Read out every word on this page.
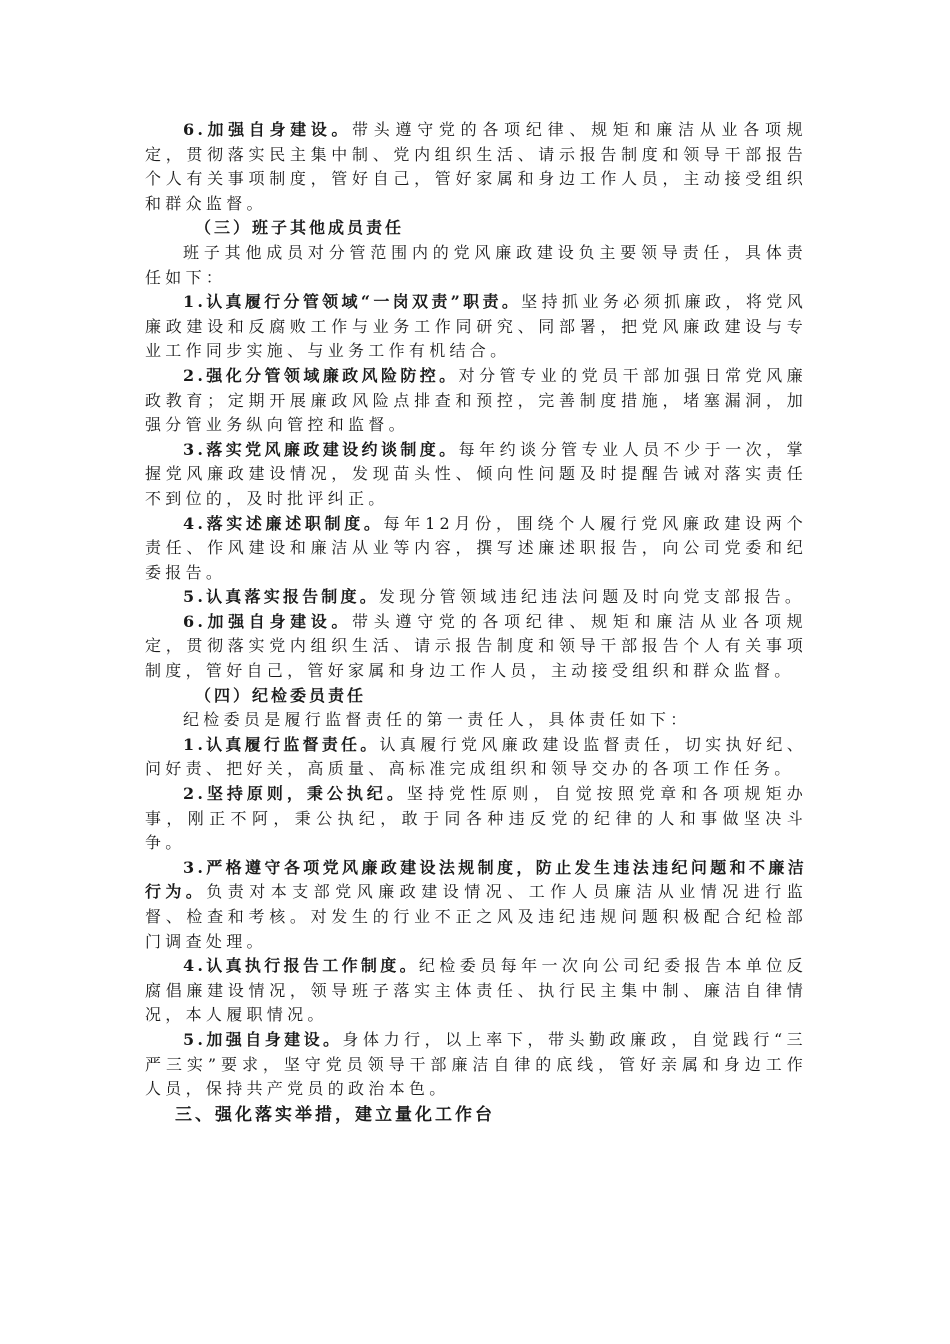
6.加强自身建设。带头遵守党的各项纪律、规矩和廉洁从业各项规定，贯彻落实民主集中制、党内组织生活、请示报告制度和领导干部报告个人有关事项制度，管好自己，管好家属和身边工作人员，主动接受组织和群众监督。

（三）班子其他成员责任

班子其他成员对分管范围内的党风廉政建设负主要领导责任，具体责任如下：

1.认真履行分管领域“一岗双责”职责。坚持抓业务必须抓廉政，将党风廉政建设和反腐败工作与业务工作同研究、同部署，把党风廉政建设与专业工作同步实施、与业务工作有机结合。

2.强化分管领域廉政风险防控。对分管专业的党员干部加强日常党风廉政教育；定期开展廉政风险点排查和预控，完善制度措施，堵塞漏洞，加强分管业务纵向管控和监督。

3.落实党风廉政建设约谈制度。每年约谈分管专业人员不少于一次，掌握党风廉政建设情况，发现苗头性、倾向性问题及时提醒告诫对落实责任不到位的，及时批评纠正。

4.落实述廉述职制度。每年12月份，围绕个人履行党风廉政建设两个责任、作风建设和廉洁从业等内容，撰写述廉述职报告，向公司党委和纪委报告。

5.认真落实报告制度。发现分管领域违纪违法问题及时向党支部报告。

6.加强自身建设。带头遵守党的各项纪律、规矩和廉洁从业各项规定，贯彻落实党内组织生活、请示报告制度和领导干部报告个人有关事项制度，管好自己，管好家属和身边工作人员，主动接受组织和群众监督。

（四）纪检委员责任

纪检委员是履行监督责任的第一责任人，具体责任如下：

1.认真履行监督责任。认真履行党风廉政建设监督责任，切实执好纪、问好责、把好关，高质量、高标准完成组织和领导交办的各项工作任务。

2.坚持原则，秉公执纪。坚持党性原则，自觉按照党章和各项规矩办事，刚正不阿，秉公执纪，敢于同各种违反党的纪律的人和事做坚决斗争。

3.严格遵守各项党风廉政建设法规制度，防止发生违法违纪问题和不廉洁行为。负责对本支部党风廉政建设情况、工作人员廉洁从业情况进行监督、检查和考核。对发生的行业不正之风及违纪违规问题积极配合纪检部门调查处理。

4.认真执行报告工作制度。纪检委员每年一次向公司纪委报告本单位反腐倡廉建设情况，领导班子落实主体责任、执行民主集中制、廉洁自律情况，本人履职情况。

5.加强自身建设。身体力行，以上率下，带头勤政廉政，自觉践行“三严三实”要求，坚守党员领导干部廉洁自律的底线，管好亲属和身边工作人员，保持共产党员的政治本色。

三、强化落实举措，建立量化工作台
